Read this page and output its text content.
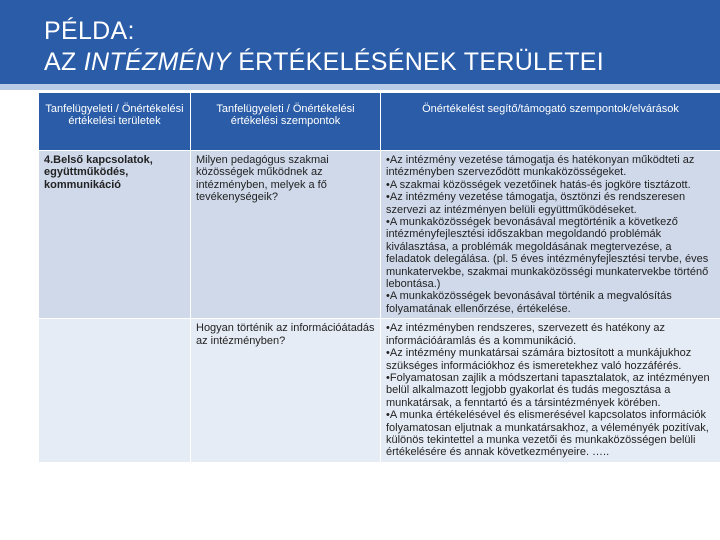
PÉLDA:
AZ INTÉZMÉNY ÉRTÉKELÉSÉNEK TERÜLETEI
Tanfelügyeleti / Önértékelési értékelési területek	Tanfelügyeleti / Önértékelési értékelési szempontok	Önértékelést segítő/támogató szempontok/elvárások
4.Belső kapcsolatok, együttműködés, kommunikáció	Milyen pedagógus szakmai közösségek működnek az intézményben, melyek a fő tevékenységeik?	•Az intézmény vezetése támogatja és hatékonyan működteti az intézményben szerveződött munkaközösségeket.
•A szakmai közösségek vezetőinek hatás-és jogköre tisztázott.
•Az intézmény vezetése támogatja, ösztönzi és rendszeresen szervezi az intézményen belüli együttműködéseket.
•A munkaközösségek bevonásával megtörténik a következő intézményfejlesztési időszakban megoldandó problémák kiválasztása, a problémák megoldásának megtervezése, a feladatok delegálása. (pl. 5 éves intézményfejlesztési tervbe, éves munkatervekbe, szakmai munkaközösségi munkatervekbe történő lebontása.)
•A munkaközösségek bevonásával történik a megvalósítás folyamatának ellenőrzése, értékelése.

	Hogyan történik az információátadás az intézményben?	•Az intézményben rendszeres, szervezett és hatékony az információáramlás és a kommunikáció.
•Az intézmény munkatársai számára biztosított a munkájukhoz szükséges információkhoz és ismeretekhez való hozzáférés.
•Folyamatosan zajlik a módszertani tapasztalatok, az intézményen belül alkalmazott legjobb gyakorlat és tudás megosztása a munkatársak, a fenntartó és a társintézmények körében.
•A munka értékelésével és elismerésével kapcsolatos információk folyamatosan eljutnak a munkatársakhoz, a véleményék pozitívak, különös tekintettel a munka vezetői és munkaközösségen belüli értékelésére és annak következményeire. …..
